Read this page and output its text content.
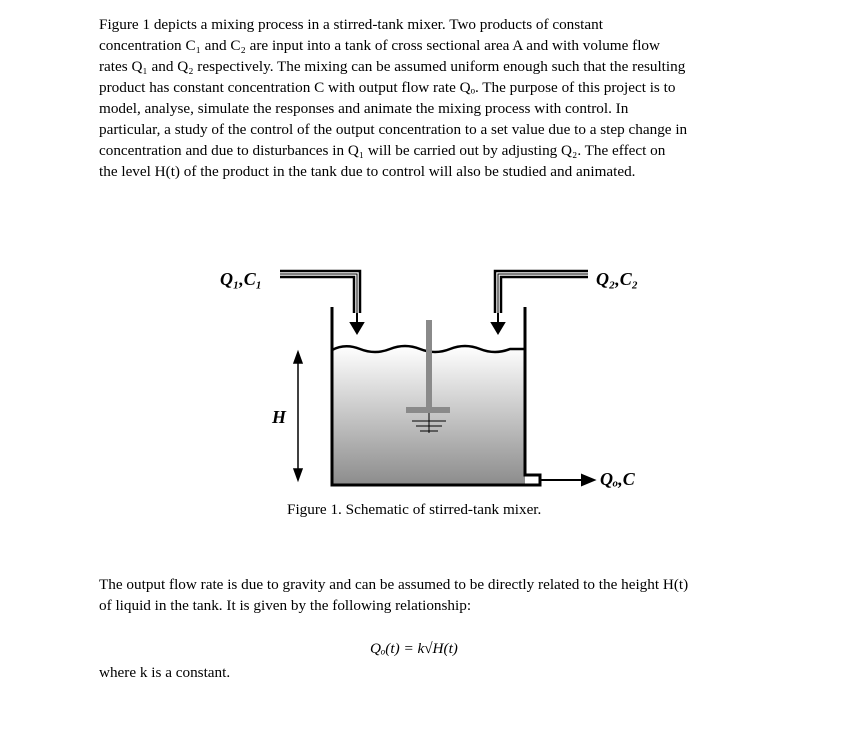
Figure 1 depicts a mixing process in a stirred-tank mixer. Two products of constant
concentration C₁ and C₂ are input into a tank of cross sectional area A and with volume flow
rates Q₁ and Q₂ respectively. The mixing can be assumed uniform enough such that the resulting
product has constant concentration C with output flow rate Qₒ. The purpose of this project is to
model, analyse, simulate the responses and animate the mixing process with control. In
particular, a study of the control of the output concentration to a set value due to a step change in
concentration and due to disturbances in Q₁ will be carried out by adjusting Q₂. The effect on
the level H(t) of the product in the tank due to control will also be studied and animated.
Q₁,C₁	Q₂,C₂
H
Qₒ,C
Figure 1. Schematic of stirred-tank mixer.
The output flow rate is due to gravity and can be assumed to be directly related to the height H(t)
of liquid in the tank. It is given by the following relationship:
Qₒ(t) = k√H(t)
where k is a constant.
